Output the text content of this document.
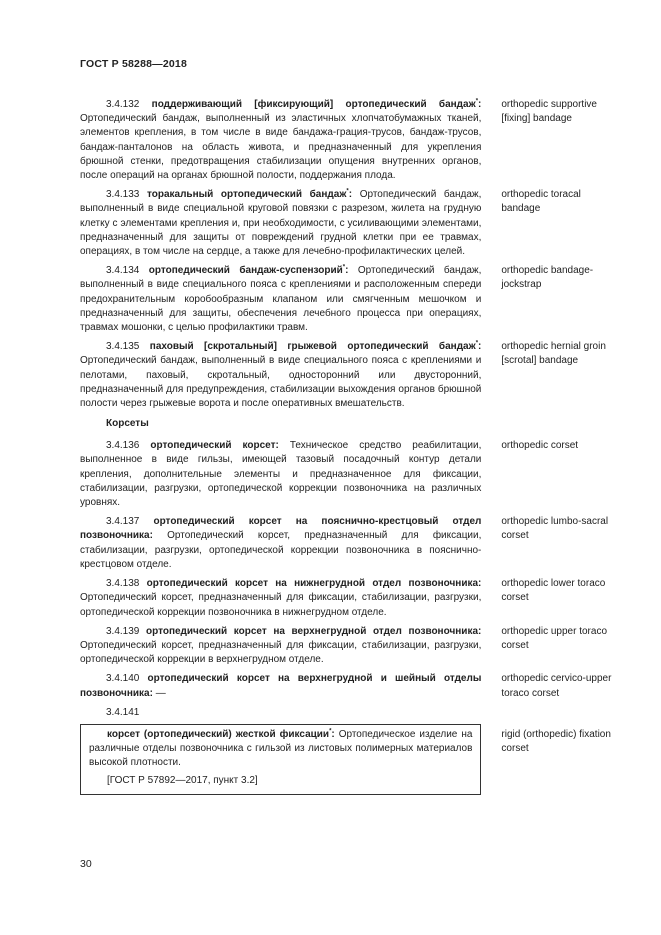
ГОСТ Р 58288—2018

3.4.132 поддерживающий [фиксирующий] ортопедический бандаж*: Ортопедический бандаж, выполненный из эластичных хлопчатобумажных тканей, элементов крепления, в том числе в виде бандажа-грация-трусов, бандаж-трусов, бандаж-панталонов на область живота, и предназначенный для укрепления брюшной стенки, предотвращения стабилизации опущения внутренних органов, после операций на органах брюшной полости, поддержания плода.

orthopedic supportive [fixing] bandage

3.4.133 торакальный ортопедический бандаж*: Ортопедический бандаж, выполненный в виде специальной круговой повязки с разрезом, жилета на грудную клетку с элементами крепления и, при необходимости, с усиливающими элементами, предназначенный для защиты от повреждений грудной клетки при ее травмах, операциях, в том числе на сердце, а также для лечебно-профилактических целей.

orthopedic toracal bandage

3.4.134 ортопедический бандаж-суспензорий*: Ортопедический бандаж, выполненный в виде специального пояса с креплениями и расположенным спереди предохранительным коробообразным клапаном или смягченным мешочком и предназначенный для защиты, обеспечения лечебного процесса при операциях, травмах мошонки, с целью профилактики травм.

orthopedic bandage-jockstrap

3.4.135 паховый [скротальный] грыжевой ортопедический бандаж*: Ортопедический бандаж, выполненный в виде специального пояса с креплениями и пелотами, паховый, скротальный, односторонний или двусторонний, предназначенный для предупреждения, стабилизации выхождения органов брюшной полости через грыжевые ворота и после оперативных вмешательств.

orthopedic hernial groin [scrotal] bandage
Корсеты

3.4.136 ортопедический корсет: Техническое средство реабилитации, выполненное в виде гильзы, имеющей тазовый посадочный контур детали крепления, дополнительные элементы и предназначенное для фиксации, стабилизации, разгрузки, ортопедической коррекции позвоночника на различных уровнях.

orthopedic corset

3.4.137 ортопедический корсет на пояснично-крестцовый отдел позвоночника: Ортопедический корсет, предназначенный для фиксации, стабилизации, разгрузки, ортопедической коррекции позвоночника в пояснично-крестцовом отделе.

orthopedic lumbo-sacral corset

3.4.138 ортопедический корсет на нижнегрудной отдел позвоночника: Ортопедический корсет, предназначенный для фиксации, стабилизации, разгрузки, ортопедической коррекции позвоночника в нижнегрудном отделе.

orthopedic lower toraco corset

3.4.139 ортопедический корсет на верхнегрудной отдел позвоночника: Ортопедический корсет, предназначенный для фиксации, стабилизации, разгрузки, ортопедической коррекции в верхнегрудном отделе.

orthopedic upper toraco corset

3.4.140 ортопедический корсет на верхнегрудной и шейный отделы позвоночника: —

orthopedic cervico-upper toraco corset
3.4.141

корсет (ортопедический) жесткой фиксации*: Ортопедическое изделие на различные отделы позвоночника с гильзой из листовых полимерных материалов высокой плотности.

[ГОСТ Р 57892—2017, пункт 3.2]

rigid (orthopedic) fixation corset
30
